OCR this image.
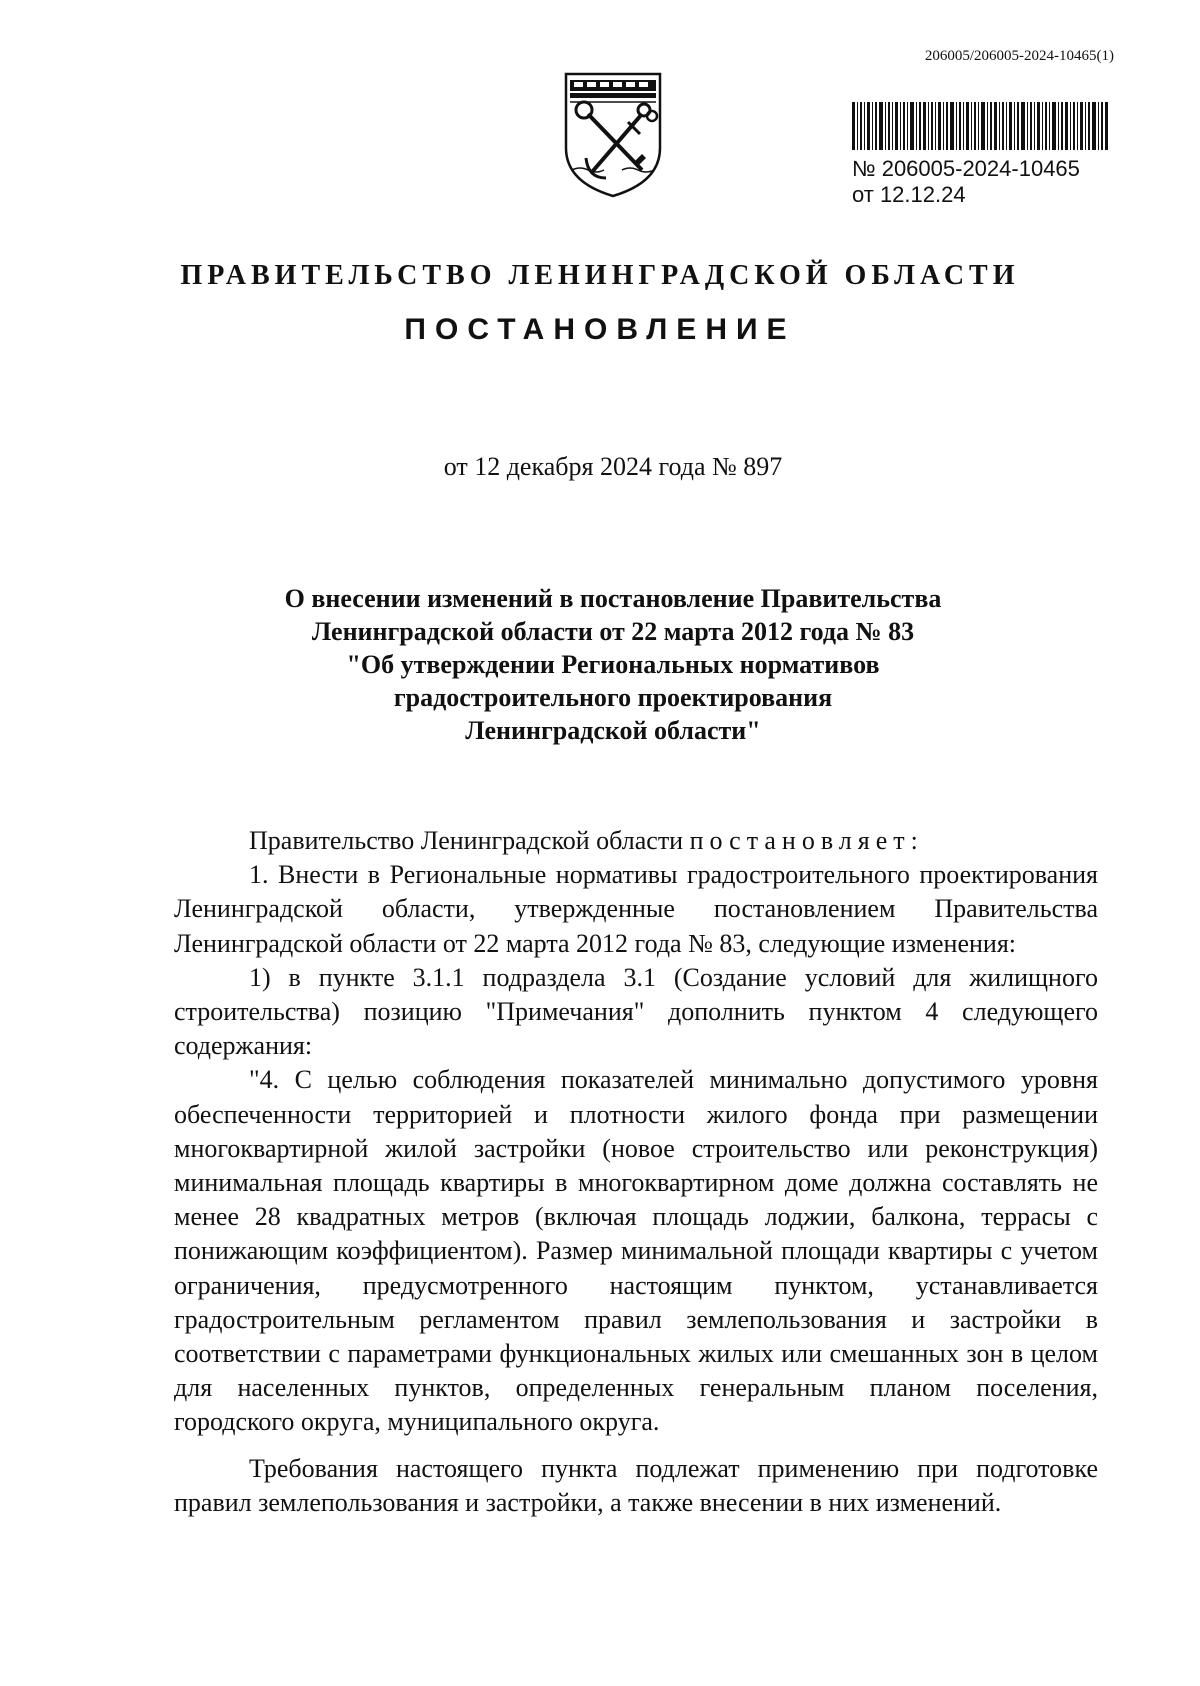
206005/206005-2024-10465(1)
№ 206005-2024-10465
от 12.12.24
ПРАВИТЕЛЬСТВО ЛЕНИНГРАДСКОЙ ОБЛАСТИ
ПОСТАНОВЛЕНИЕ
от 12 декабря 2024 года № 897
О внесении изменений в постановление Правительства
Ленинградской области от 22 марта 2012 года № 83
"Об утверждении Региональных нормативов
градостроительного проектирования
Ленинградской области"

Правительство Ленинградской области постановляет:

1. Внести в Региональные нормативы градостроительного проектирования Ленинградской области, утвержденные постановлением Правительства Ленинградской области от 22 марта 2012 года № 83, следующие изменения:

1) в пункте 3.1.1 подраздела 3.1 (Создание условий для жилищного строительства) позицию "Примечания" дополнить пунктом 4 следующего содержания:

"4. С целью соблюдения показателей минимально допустимого уровня обеспеченности территорией и плотности жилого фонда при размещении многоквартирной жилой застройки (новое строительство или реконструкция) минимальная площадь квартиры в многоквартирном доме должна составлять не менее 28 квадратных метров (включая площадь лоджии, балкона, террасы с понижающим коэффициентом). Размер минимальной площади квартиры с учетом ограничения, предусмотренного настоящим пунктом, устанавливается градостроительным регламентом правил землепользования и застройки в соответствии с параметрами функциональных жилых или смешанных зон в целом для населенных пунктов, определенных генеральным планом поселения, городского округа, муниципального округа.

Требования настоящего пункта подлежат применению при подготовке правил землепользования и застройки, а также внесении в них изменений.
